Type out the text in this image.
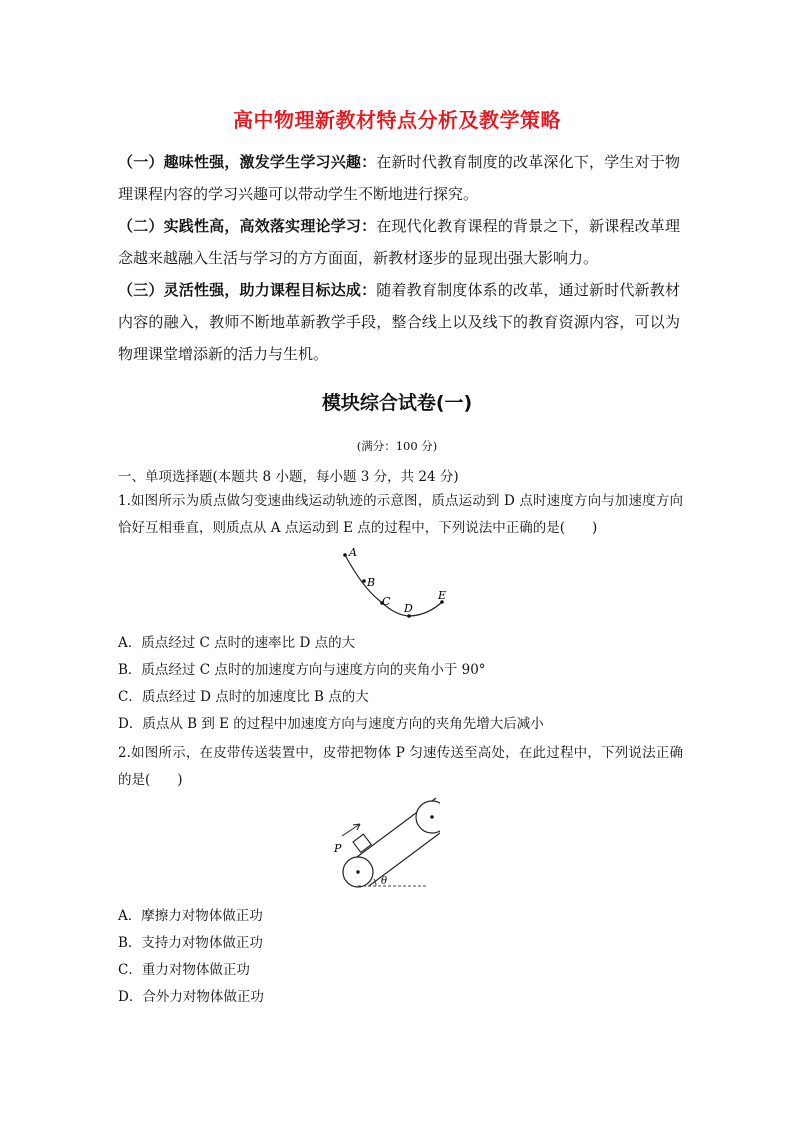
高中物理新教材特点分析及教学策略
（一）趣味性强，激发学生学习兴趣：在新时代教育制度的改革深化下，学生对于物理课程内容的学习兴趣可以带动学生不断地进行探究。
（二）实践性高，高效落实理论学习：在现代化教育课程的背景之下，新课程改革理念越来越融入生活与学习的方方面面，新教材逐步的显现出强大影响力。
（三）灵活性强，助力课程目标达成：随着教育制度体系的改革，通过新时代新教材内容的融入，教师不断地革新教学手段，整合线上以及线下的教育资源内容，可以为物理课堂增添新的活力与生机。
模块综合试卷(一)
(满分：100 分)
一、单项选择题(本题共 8 小题，每小题 3 分，共 24 分)
1.如图所示为质点做匀变速曲线运动轨迹的示意图，质点运动到 D 点时速度方向与加速度方向恰好互相垂直，则质点从 A 点运动到 E 点的过程中，下列说法中正确的是(　　)
A
B
C
D
E
A．质点经过 C 点时的速率比 D 点的大
B．质点经过 C 点时的加速度方向与速度方向的夹角小于 90°
C．质点经过 D 点时的加速度比 B 点的大
D．质点从 B 到 E 的过程中加速度方向与速度方向的夹角先增大后减小
2.如图所示，在皮带传送装置中，皮带把物体 P 匀速传送至高处，在此过程中，下列说法正确的是(　　)
P
θ
A．摩擦力对物体做正功
B．支持力对物体做正功
C．重力对物体做正功
D．合外力对物体做正功
